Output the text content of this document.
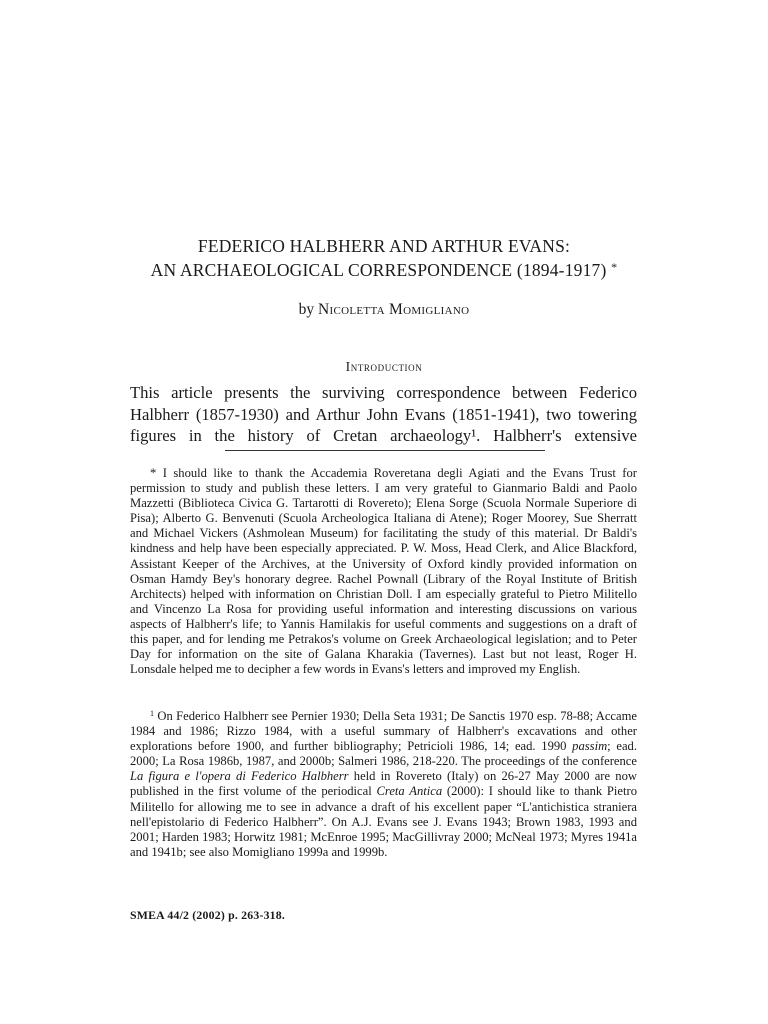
FEDERICO HALBHERR AND ARTHUR EVANS:
AN ARCHAEOLOGICAL CORRESPONDENCE (1894-1917) *
by Nicoletta Momigliano
Introduction
This article presents the surviving correspondence between Federico
Halbherr (1857-1930) and Arthur John Evans (1851-1941), two towering
figures in the history of Cretan archaeology¹. Halbherr's extensive
* I should like to thank the Accademia Roveretana degli Agiati and the Evans Trust for permission to study and publish these letters. I am very grateful to Gianmario Baldi and Paolo Mazzetti (Biblioteca Civica G. Tartarotti di Rovereto); Elena Sorge (Scuola Normale Superiore di Pisa); Alberto G. Benvenuti (Scuola Archeologica Italiana di Atene); Roger Moorey, Sue Sherratt and Michael Vickers (Ashmolean Museum) for facilitating the study of this material. Dr Baldi's kindness and help have been especially appreciated. P. W. Moss, Head Clerk, and Alice Blackford, Assistant Keeper of the Archives, at the University of Oxford kindly provided information on Osman Hamdy Bey's honorary degree. Rachel Pownall (Library of the Royal Institute of British Architects) helped with information on Christian Doll. I am especially grateful to Pietro Militello and Vincenzo La Rosa for providing useful information and interesting discussions on various aspects of Halbherr's life; to Yannis Hamilakis for useful comments and suggestions on a draft of this paper, and for lending me Petrakos's volume on Greek Archaeological legislation; and to Peter Day for information on the site of Galana Kharakia (Tavernes). Last but not least, Roger H. Lonsdale helped me to decipher a few words in Evans's letters and improved my English.
$^1$ On Federico Halbherr see Pernier 1930; Della Seta 1931; De Sanctis 1970 esp. 78-88; Accame 1984 and 1986; Rizzo 1984, with a useful summary of Halbherr's excavations and other explorations before 1900, and further bibliography; Petricioli 1986, 14; ead. 1990 passim; ead. 2000; La Rosa 1986b, 1987, and 2000b; Salmeri 1986, 218-220. The proceedings of the conference La figura e l'opera di Federico Halbherr held in Rovereto (Italy) on 26-27 May 2000 are now published in the first volume of the periodical Creta Antica (2000): I should like to thank Pietro Militello for allowing me to see in advance a draft of his excellent paper “L'antichistica straniera nell'epistolario di Federico Halbherr”. On A.J. Evans see J. Evans 1943; Brown 1983, 1993 and 2001; Harden 1983; Horwitz 1981; McEnroe 1995; MacGillivray 2000; McNeal 1973; Myres 1941a and 1941b; see also Momigliano 1999a and 1999b.
SMEA 44/2 (2002) p. 263-318.
